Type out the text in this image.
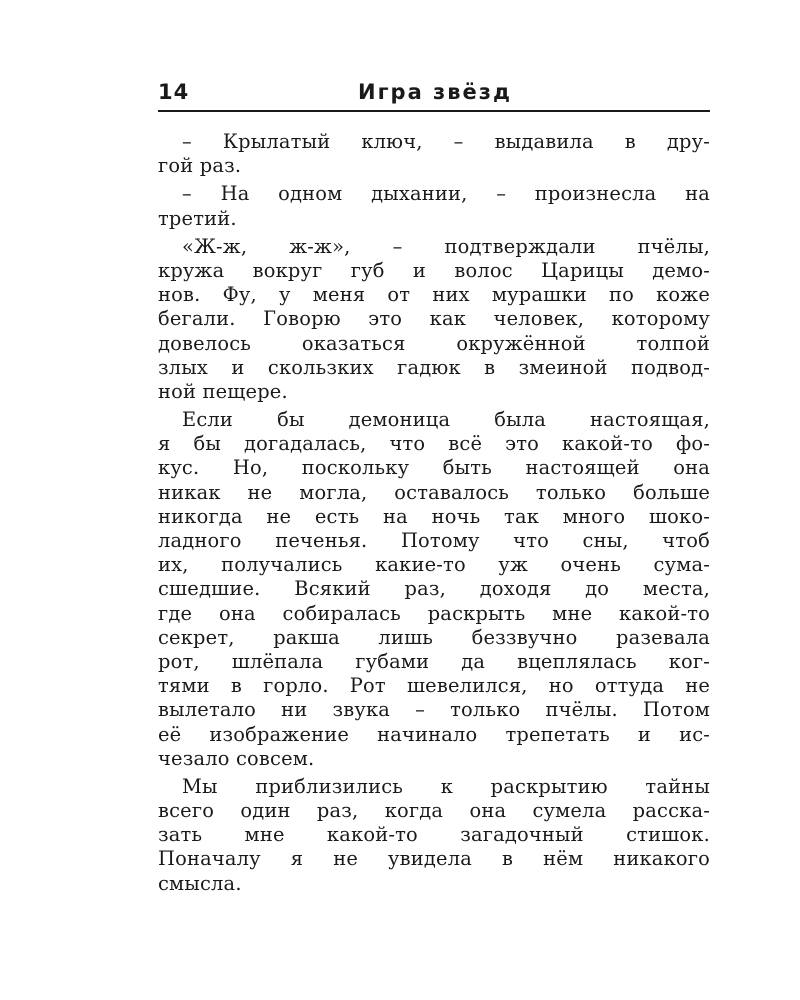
14	Игра звёзд
– Крылатый ключ, – выдавила в дру-
гой раз.
– На одном дыхании, – произнесла на
третий.
«Ж-ж, ж-ж», – подтверждали пчёлы,
кружа вокруг губ и волос Царицы демо-
нов. Фу, у меня от них мурашки по коже
бегали. Говорю это как человек, которому
довелось оказаться окружённой толпой
злых и скользких гадюк в змеиной подвод-
ной пещере.
Если бы демоница была настоящая,
я бы догадалась, что всё это какой-то фо-
кус. Но, поскольку быть настоящей она
никак не могла, оставалось только больше
никогда не есть на ночь так много шоко-
ладного печенья. Потому что сны, чтоб
их, получались какие-то уж очень сума-
сшедшие. Всякий раз, доходя до места,
где она собиралась раскрыть мне какой-то
секрет, ракша лишь беззвучно разевала
рот, шлёпала губами да вцеплялась ког-
тями в горло. Рот шевелился, но оттуда не
вылетало ни звука – только пчёлы. Потом
её изображение начинало трепетать и ис-
чезало совсем.
Мы приблизились к раскрытию тайны
всего один раз, когда она сумела расска-
зать мне какой-то загадочный стишок.
Поначалу я не увидела в нём никакого
смысла.
